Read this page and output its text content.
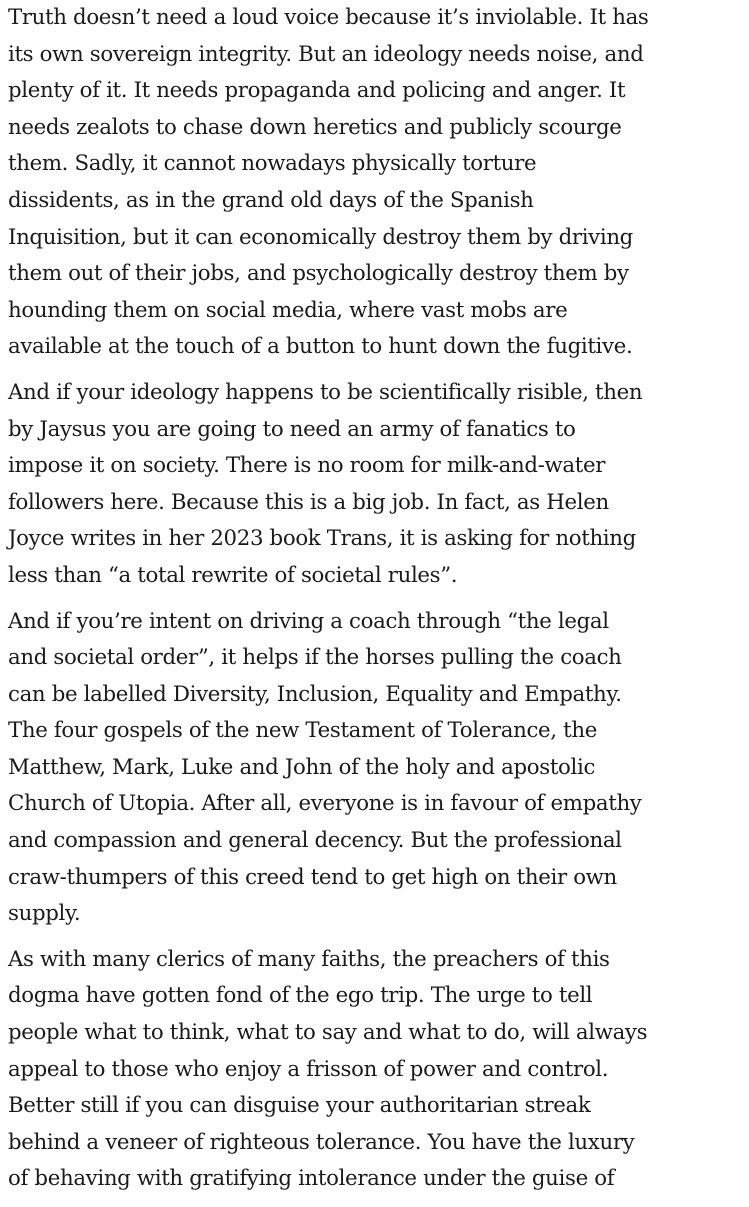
Truth doesn’t need a loud voice because it’s inviolable. It has
its own sovereign integrity. But an ideology needs noise, and
plenty of it. It needs propaganda and policing and anger. It
needs zealots to chase down heretics and publicly scourge
them. Sadly, it cannot nowadays physically torture
dissidents, as in the grand old days of the Spanish
Inquisition, but it can economically destroy them by driving
them out of their jobs, and psychologically destroy them by
hounding them on social media, where vast mobs are
available at the touch of a button to hunt down the fugitive.

And if your ideology happens to be scientifically risible, then
by Jaysus you are going to need an army of fanatics to
impose it on society. There is no room for milk-and-water
followers here. Because this is a big job. In fact, as Helen
Joyce writes in her 2023 book Trans, it is asking for nothing
less than “a total rewrite of societal rules”.

And if you’re intent on driving a coach through “the legal
and societal order”, it helps if the horses pulling the coach
can be labelled Diversity, Inclusion, Equality and Empathy.
The four gospels of the new Testament of Tolerance, the
Matthew, Mark, Luke and John of the holy and apostolic
Church of Utopia. After all, everyone is in favour of empathy
and compassion and general decency. But the professional
craw-thumpers of this creed tend to get high on their own
supply.

As with many clerics of many faiths, the preachers of this
dogma have gotten fond of the ego trip. The urge to tell
people what to think, what to say and what to do, will always
appeal to those who enjoy a frisson of power and control.
Better still if you can disguise your authoritarian streak
behind a veneer of righteous tolerance. You have the luxury
of behaving with gratifying intolerance under the guise of
